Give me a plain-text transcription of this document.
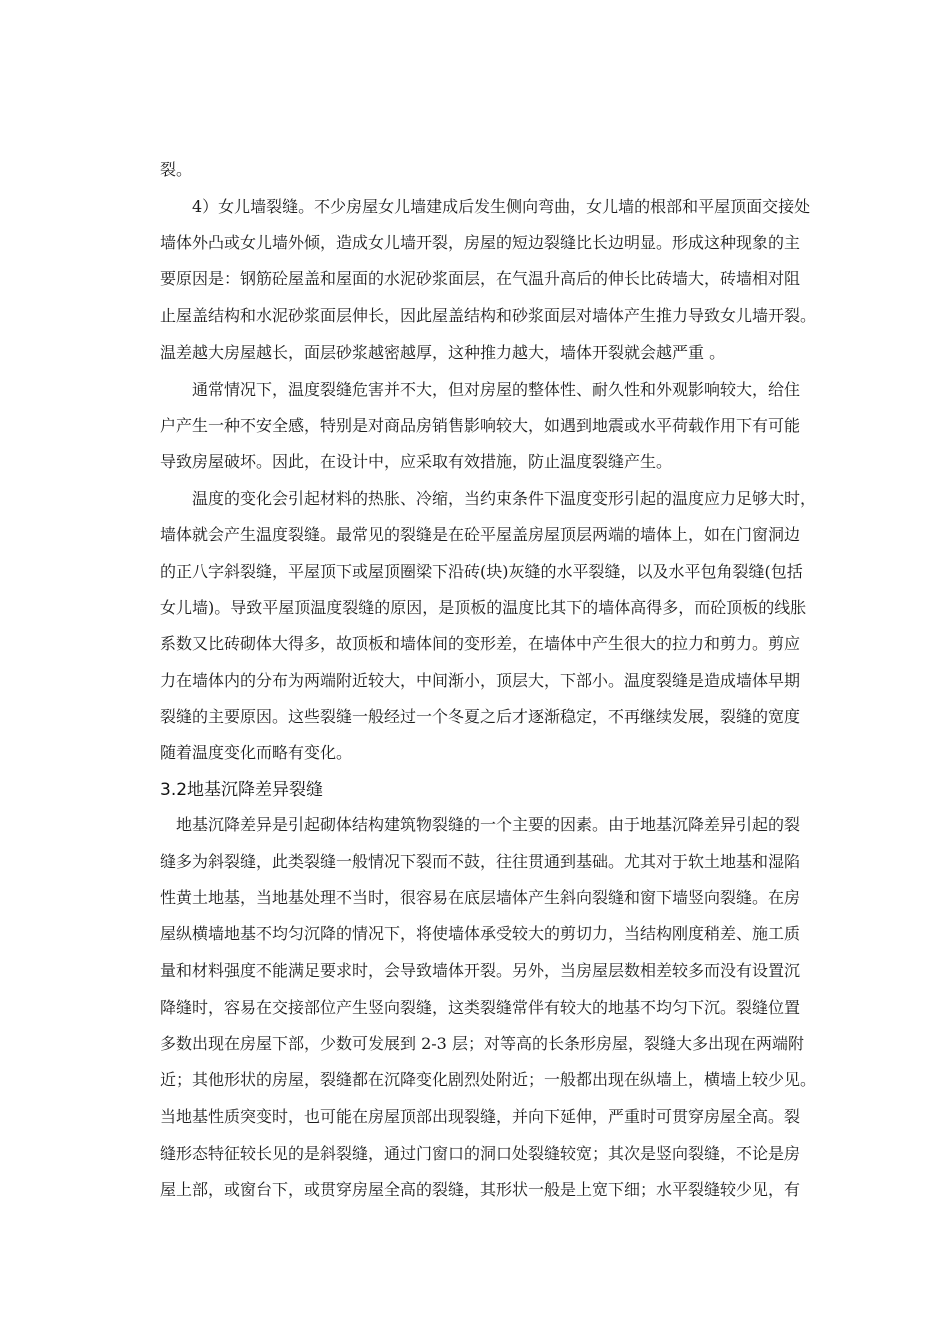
裂。
4）女儿墙裂缝。不少房屋女儿墙建成后发生侧向弯曲，女儿墙的根部和平屋顶面交接处
墙体外凸或女儿墙外倾，造成女儿墙开裂，房屋的短边裂缝比长边明显。形成这种现象的主
要原因是：钢筋砼屋盖和屋面的水泥砂浆面层，在气温升高后的伸长比砖墙大，砖墙相对阻
止屋盖结构和水泥砂浆面层伸长，因此屋盖结构和砂浆面层对墙体产生推力导致女儿墙开裂。
温差越大房屋越长，面层砂浆越密越厚，这种推力越大，墙体开裂就会越严重 。
通常情况下，温度裂缝危害并不大，但对房屋的整体性、耐久性和外观影响较大，给住
户产生一种不安全感，特别是对商品房销售影响较大，如遇到地震或水平荷载作用下有可能
导致房屋破坏。因此，在设计中，应采取有效措施，防止温度裂缝产生。
温度的变化会引起材料的热胀、冷缩，当约束条件下温度变形引起的温度应力足够大时，
墙体就会产生温度裂缝。最常见的裂缝是在砼平屋盖房屋顶层两端的墙体上，如在门窗洞边
的正八字斜裂缝，平屋顶下或屋顶圈梁下沿砖(块)灰缝的水平裂缝，以及水平包角裂缝(包括
女儿墙)。导致平屋顶温度裂缝的原因，是顶板的温度比其下的墙体高得多，而砼顶板的线胀
系数又比砖砌体大得多，故顶板和墙体间的变形差，在墙体中产生很大的拉力和剪力。剪应
力在墙体内的分布为两端附近较大，中间渐小，顶层大，下部小。温度裂缝是造成墙体早期
裂缝的主要原因。这些裂缝一般经过一个冬夏之后才逐渐稳定，不再继续发展，裂缝的宽度
随着温度变化而略有变化。
3.2地基沉降差异裂缝
地基沉降差异是引起砌体结构建筑物裂缝的一个主要的因素。由于地基沉降差异引起的裂
缝多为斜裂缝，此类裂缝一般情况下裂而不鼓，往往贯通到基础。尤其对于软土地基和湿陷
性黄土地基，当地基处理不当时，很容易在底层墙体产生斜向裂缝和窗下墙竖向裂缝。在房
屋纵横墙地基不均匀沉降的情况下，将使墙体承受较大的剪切力，当结构刚度稍差、施工质
量和材料强度不能满足要求时，会导致墙体开裂。另外，当房屋层数相差较多而没有设置沉
降缝时，容易在交接部位产生竖向裂缝，这类裂缝常伴有较大的地基不均匀下沉。裂缝位置
多数出现在房屋下部，少数可发展到 2-3 层；对等高的长条形房屋，裂缝大多出现在两端附
近；其他形状的房屋，裂缝都在沉降变化剧烈处附近；一般都出现在纵墙上，横墙上较少见。
当地基性质突变时，也可能在房屋顶部出现裂缝，并向下延伸，严重时可贯穿房屋全高。裂
缝形态特征较长见的是斜裂缝，通过门窗口的洞口处裂缝较宽；其次是竖向裂缝，不论是房
屋上部，或窗台下，或贯穿房屋全高的裂缝，其形状一般是上宽下细；水平裂缝较少见，有
